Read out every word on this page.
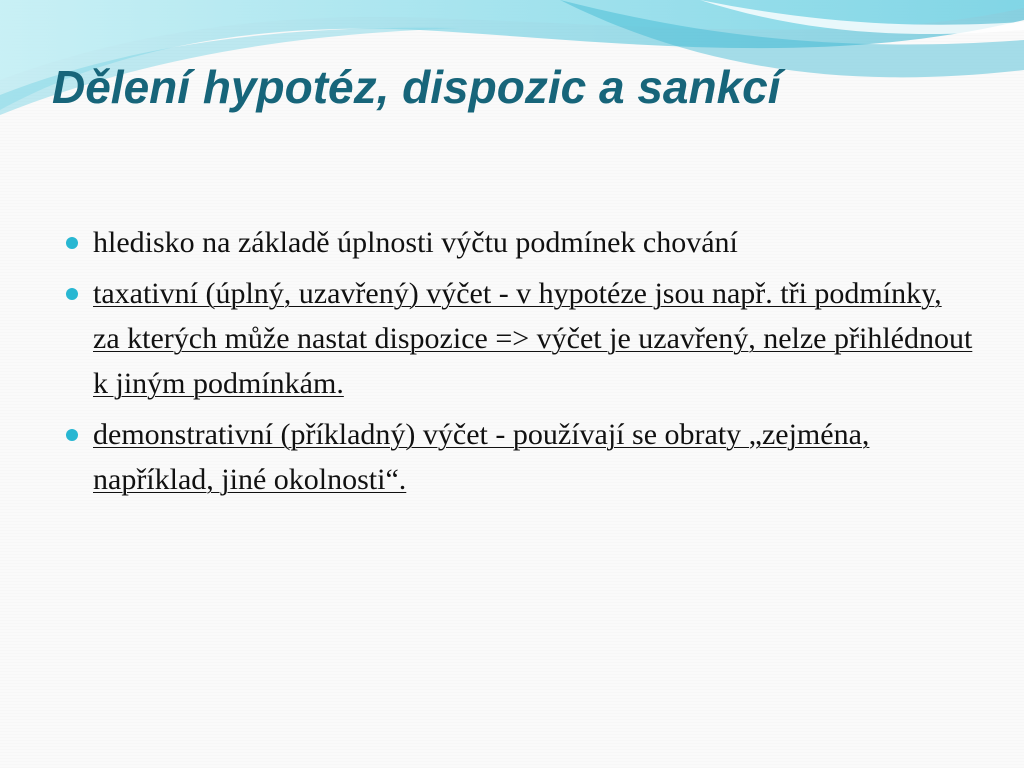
Dělení hypotéz, dispozic a sankcí
hledisko na základě úplnosti výčtu podmínek chování
taxativní (úplný, uzavřený) výčet - v hypotéze jsou např. tři podmínky, za kterých může nastat dispozice => výčet je uzavřený, nelze přihlédnout k jiným podmínkám.
demonstrativní (příkladný) výčet - používají se obraty „zejména, například, jiné okolnosti“.
